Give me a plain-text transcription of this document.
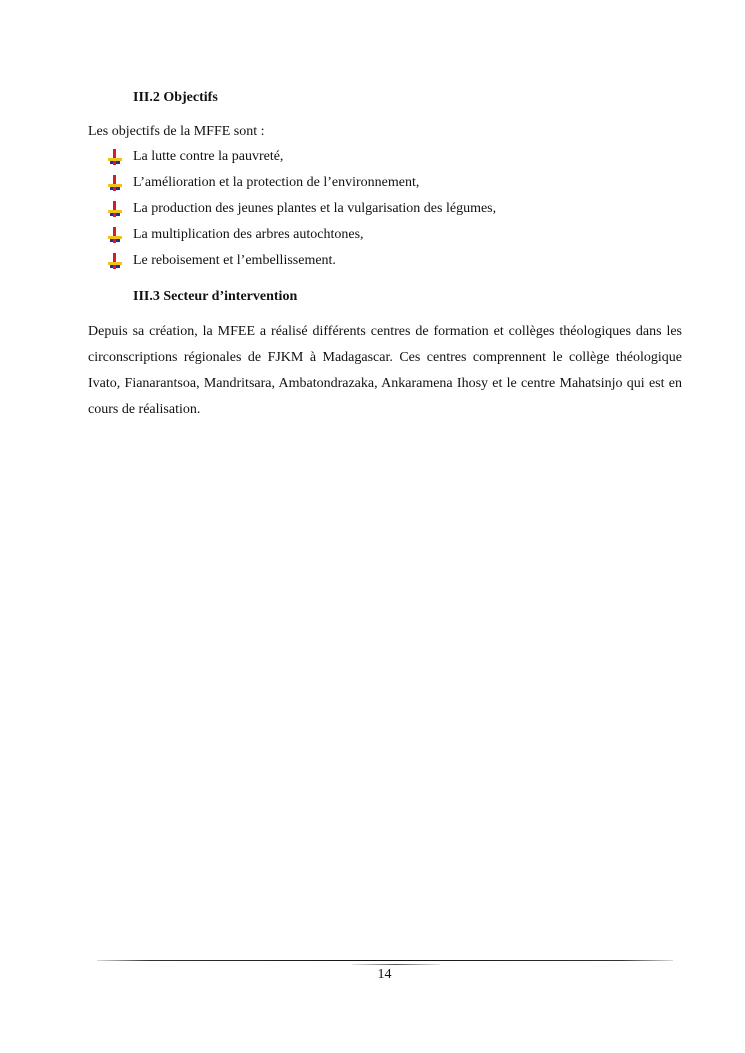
III.2 Objectifs
Les objectifs de la MFFE sont :
La lutte contre la pauvreté,
L’amélioration et la protection de l’environnement,
La production des jeunes plantes et la vulgarisation des légumes,
La multiplication des arbres autochtones,
Le reboisement et l’embellissement.
III.3 Secteur d’intervention

Depuis sa création, la MFEE a réalisé différents centres de formation et collèges théologiques dans les circonscriptions régionales de FJKM à Madagascar. Ces centres comprennent le collège théologique Ivato, Fianarantsoa, Mandritsara, Ambatondrazaka, Ankaramena Ihosy et le centre Mahatsinjo qui est en cours de réalisation.

14
